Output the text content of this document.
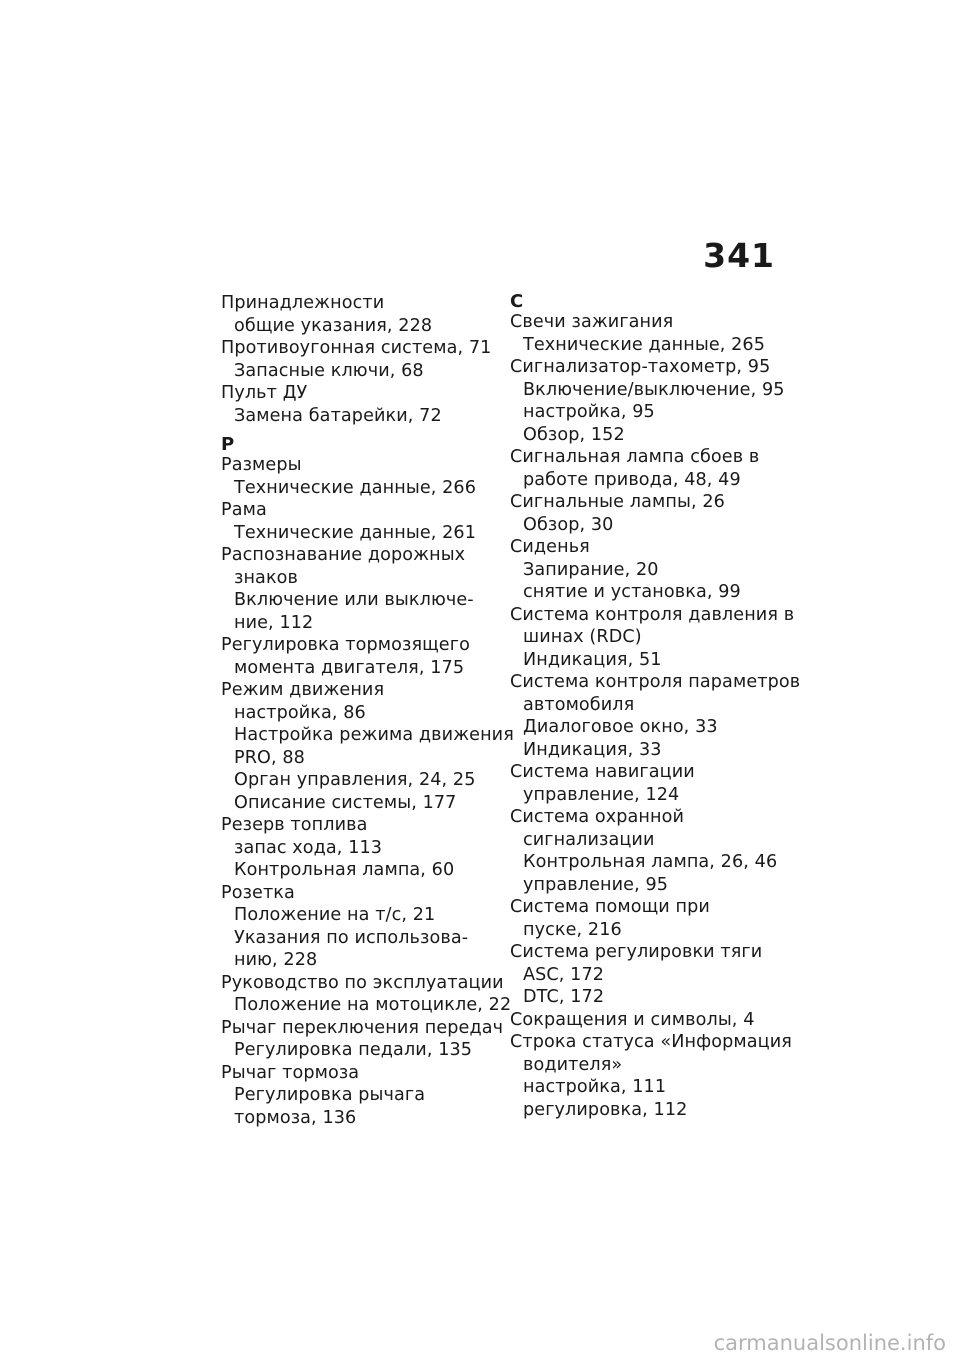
341
Принадлежности
общие указания, 228
Противоугонная система, 71
Запасные ключи, 68
Пульт ДУ
Замена батарейки, 72
Р
Размеры
Технические данные, 266
Рама
Технические данные, 261
Распознавание дорожных
знаков
Включение или выключе-
ние, 112
Регулировка тормозящего
момента двигателя, 175
Режим движения
настройка, 86
Настройка режима движения
PRO, 88
Орган управления, 24, 25
Описание системы, 177
Резерв топлива
запас хода, 113
Контрольная лампа, 60
Розетка
Положение на т/с, 21
Указания по использова-
нию, 228
Руководство по эксплуатации
Положение на мотоцикле, 22
Рычаг переключения передач
Регулировка педали, 135
Рычаг тормоза
Регулировка рычага
тормоза, 136
С
Свечи зажигания
Технические данные, 265
Сигнализатор-тахометр, 95
Включение/выключение, 95
настройка, 95
Обзор, 152
Сигнальная лампа сбоев в
работе привода, 48, 49
Сигнальные лампы, 26
Обзор, 30
Сиденья
Запирание, 20
снятие и установка, 99
Система контроля давления в
шинах (RDC)
Индикация, 51
Система контроля параметров
автомобиля
Диалоговое окно, 33
Индикация, 33
Система навигации
управление, 124
Система охранной
сигнализации
Контрольная лампа, 26, 46
управление, 95
Система помощи при
пуске, 216
Система регулировки тяги
ASC, 172
DTC, 172
Сокращения и символы, 4
Строка статуса «Информация
водителя»
настройка, 111
регулировка, 112
carmanualsonline.info
